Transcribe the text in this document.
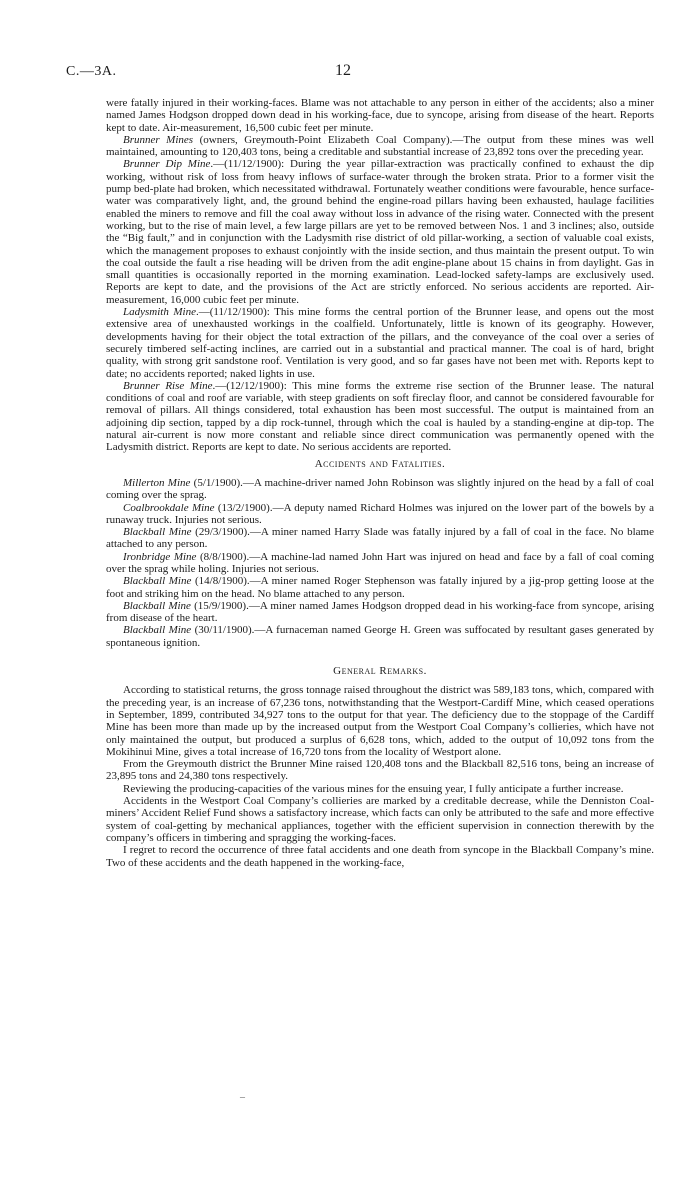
C.—3A.	12

were fatally injured in their working-faces. Blame was not attachable to any person in either of the accidents; also a miner named James Hodgson dropped down dead in his working-face, due to syncope, arising from disease of the heart. Reports kept to date. Air-measurement, 16,500 cubic feet per minute.

Brunner Mines (owners, Greymouth-Point Elizabeth Coal Company).—The output from these mines was well maintained, amounting to 120,403 tons, being a creditable and substantial increase of 23,892 tons over the preceding year.

Brunner Dip Mine.—(11/12/1900): During the year pillar-extraction was practically confined to exhaust the dip working, without risk of loss from heavy inflows of surface-water through the broken strata. Prior to a former visit the pump bed-plate had broken, which necessitated withdrawal. Fortunately weather conditions were favourable, hence surface-water was comparatively light, and, the ground behind the engine-road pillars having been exhausted, haulage facilities enabled the miners to remove and fill the coal away without loss in advance of the rising water. Connected with the present working, but to the rise of main level, a few large pillars are yet to be removed between Nos. 1 and 3 inclines; also, outside the “Big fault,” and in conjunction with the Ladysmith rise district of old pillar-working, a section of valuable coal exists, which the management proposes to exhaust conjointly with the inside section, and thus maintain the present output. To win the coal outside the fault a rise heading will be driven from the adit engine-plane about 15 chains in from daylight. Gas in small quantities is occasionally reported in the morning examination. Lead-locked safety-lamps are exclusively used. Reports are kept to date, and the provisions of the Act are strictly enforced. No serious accidents are reported. Air-measurement, 16,000 cubic feet per minute.

Ladysmith Mine.—(11/12/1900): This mine forms the central portion of the Brunner lease, and opens out the most extensive area of unexhausted workings in the coalfield. Unfortunately, little is known of its geography. However, developments having for their object the total extraction of the pillars, and the conveyance of the coal over a series of securely timbered self-acting inclines, are carried out in a substantial and practical manner. The coal is of hard, bright quality, with strong grit sandstone roof. Ventilation is very good, and so far gases have not been met with. Reports kept to date; no accidents reported; naked lights in use.

Brunner Rise Mine.—(12/12/1900): This mine forms the extreme rise section of the Brunner lease. The natural conditions of coal and roof are variable, with steep gradients on soft fireclay floor, and cannot be considered favourable for removal of pillars. All things considered, total exhaustion has been most successful. The output is maintained from an adjoining dip section, tapped by a dip rock-tunnel, through which the coal is hauled by a standing-engine at dip-top. The natural air-current is now more constant and reliable since direct communication was permanently opened with the Ladysmith district. Reports are kept to date. No serious accidents are reported.

Accidents and Fatalities.

Millerton Mine (5/1/1900).—A machine-driver named John Robinson was slightly injured on the head by a fall of coal coming over the sprag.

Coalbrookdale Mine (13/2/1900).—A deputy named Richard Holmes was injured on the lower part of the bowels by a runaway truck. Injuries not serious.

Blackball Mine (29/3/1900).—A miner named Harry Slade was fatally injured by a fall of coal in the face. No blame attached to any person.

Ironbridge Mine (8/8/1900).—A machine-lad named John Hart was injured on head and face by a fall of coal coming over the sprag while holing. Injuries not serious.

Blackball Mine (14/8/1900).—A miner named Roger Stephenson was fatally injured by a jig-prop getting loose at the foot and striking him on the head. No blame attached to any person.

Blackball Mine (15/9/1900).—A miner named James Hodgson dropped dead in his working-face from syncope, arising from disease of the heart.

Blackball Mine (30/11/1900).—A furnaceman named George H. Green was suffocated by resultant gases generated by spontaneous ignition.

General Remarks.

According to statistical returns, the gross tonnage raised throughout the district was 589,183 tons, which, compared with the preceding year, is an increase of 67,236 tons, notwithstanding that the Westport-Cardiff Mine, which ceased operations in September, 1899, contributed 34,927 tons to the output for that year. The deficiency due to the stoppage of the Cardiff Mine has been more than made up by the increased output from the Westport Coal Company’s collieries, which have not only maintained the output, but produced a surplus of 6,628 tons, which, added to the output of 10,092 tons from the Mokihinui Mine, gives a total increase of 16,720 tons from the locality of Westport alone.

From the Greymouth district the Brunner Mine raised 120,408 tons and the Blackball 82,516 tons, being an increase of 23,895 tons and 24,380 tons respectively.

Reviewing the producing-capacities of the various mines for the ensuing year, I fully anticipate a further increase.

Accidents in the Westport Coal Company’s collieries are marked by a creditable decrease, while the Denniston Coal-miners’ Accident Relief Fund shows a satisfactory increase, which facts can only be attributed to the safe and more effective system of coal-getting by mechanical appliances, together with the efficient supervision in connection therewith by the company’s officers in timbering and spragging the working-faces.

I regret to record the occurrence of three fatal accidents and one death from syncope in the Blackball Company’s mine. Two of these accidents and the death happened in the working-face,

–
